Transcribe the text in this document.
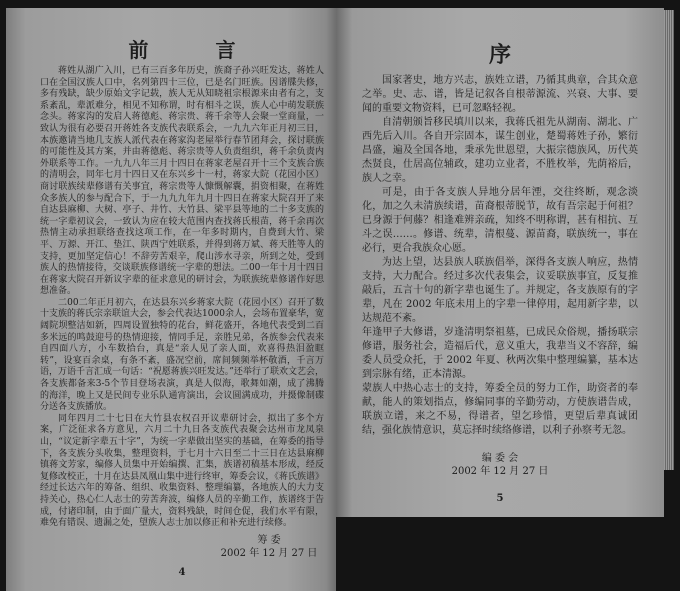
前 言

蒋姓从湖广入川，已有三百多年历史，族裔子孙兴旺发达，蒋姓人口在全国汉族人口中，名列第四十三位，已是名门旺族。因谱牒失修，多有残缺，缺少原始文字记载，族人无从知晓祖宗根源来由者有之，支系紊乱，辈派难分，相见不知称谓，时有相斗之误，族人心中萌发联族念头。蒋家沟的发启人蒋德彪、蒋宗贵、蒋千余等人会聚一堂商量，一致认为很有必要召开蒋姓各支族代表联系会，一九九六年正月初三日，本族邀请当地几支族人派代表在蒋家沟老屋举行春节团拜会，探讨联族的可能性及其方案，并由蒋德彪、蒋宗贵等人负责组织，蒋千余负责内外联系等工作。一九九八年三月十四日在蒋家老屋召开十三个支族合族的清明会，同年七月十四日又在东兴乡十一村，蒋家大院（花园小区）商讨联族续辈修谱有关事宜，蒋宗贵等人慷慨解囊，捐资相聚，在蒋姓众多族人的参与配合下，于一九九九年九月十四日在蒋家大院召开了来自达县麻柳、大树、亭子、井竹、大竹县、梁平县等地的二十多支族的统一字辈初议会，一致认为应在较大范围内查找蒋氏根苗，蒋千余再次热情主动承担联络查找这项工作，在一年多时期内，自费到大竹、梁平、万源、开江、垫江、陕西宁姓联系，并得到蒋万斌、蒋天胜等人的支持，更加坚定信心！不辞劳苦艰辛，爬山涉水寻亲，所到之处，受到族人的热情接待，交谈联族修谱统一字辈的想法。二00一年十月十四日在蒋家大院召开新议字辈的征求意见的研讨会，为联族统辈修谱作好思想准备。

二00二年正月初六，在达县东兴乡蒋家大院（花园小区）召开了数十支族的蒋氏宗亲联谊大会，参会代表达1000余人，会场布置豪华，宽阔院坝整洁如新，四周设置独特的花台，鲜花盛开，各地代表受到二百多米远的鸣鼓迎号的热情迎接，情同手足，亲胜兄弟，各族参会代表来自四面八方，小车数拾台，真是“亲人见了亲人面，欢喜得热泪盈眶转”，设宴百余桌，有条不紊，盛况空前，席间频频举杯敬酒，千言万语，万语千言汇成一句话：“祝愿蒋族兴旺发达。”还举行了联欢文艺会，各支族都备来3-5个节目登场表演，真是人似海，歌舞如潮，成了沸腾的海洋，晚上又是民间专业乐队通宵演出，会议圆满成功，并摄像制碟分送各支族播放。

同年四月二十七日在大竹县农权召开议辈研讨会，拟出了多个方案，广泛征求各方意见，六月二十九日各支族代表聚会达州市龙凤泉山，“议定新字辈五十字”，为统一字辈做出坚实的基础，在筹委的指导下，各支族分头收集，整理资料，于七月十六日至二十三日在达县麻柳镇蒋文芳家，编修人员集中开始编撰、汇集，族谱初稿基本形成，经反复修改校正，十月在达县凤凰山集中进行终审，筹委会议，《蒋氏族谱》经过长达六年的筹备、组织、收集资料、整理编纂，各地族人的大力支持关心，热心仁人志士的劳苦奔波，编修人员的辛勤工作，族谱终于告成，付诸印制，由于面广量大，资料残缺，时间仓促，我们水平有限，难免有错误、遗漏之处，望族人志士加以修正和补充进行续修。

筹 委
2002 年 12 月 27 日
4
序

国家著史，地方兴志，族姓立谱，乃循其典章，合其众意之举。史、志、谱，皆是记叙各自根蒂源流、兴衰、大事、要闻的重要文物资料，已可忽略轻视。

自清朝颁旨移民填川以来，我蒋氏祖先从湖南、湖北、广西先后入川。各自开宗固本，谋生创业，楚蜀蒋姓子孙，繁衍昌盛，遍及全国各地，秉承先世恩望，大振宗德族风，历代英杰贤良，仕居高位辅政，建功立业者，不胜枚举，先荫裕后，族人之幸。

可是，由于各支族人异地分居年湮，交往终断，观念淡化，加之久未清族续谱，苗裔根蒂脱节，故有吾宗起于何祖？已身源于何藤？相逢难辨亲疏，知终不明称谓，甚有相抗、互斗之误……。修谱、统辈，清根蔓、源苗裔，联族统一，事在必行，更合我族众心愿。

为达上望，达县族人联族倡举，深得各支族人响应，热情支持，大力配合。经过多次代表集会，议妥联族事宜，反复推敲后，五言十句的新字辈也诞生了。并规定，各支族原有的字辈，凡在 2002 年底未用上的字辈一律停用，起用新字辈，以达规范不紊。

年逢甲子大修谱，岁逢清明祭祖墓，已成民众俗规，播扬联宗修谱，服务社会，造福后代，意义重大，我辈当义不容辞，编委人员受众托，于 2002 年夏、秋两次集中整理编纂，基本达到宗脉有绪，正本清源。

蒙族人中热心志士的支持，筹委全员的努力工作，助资者的奉献，能人的策划指点，修编同事的辛勤劳动，方使族谱告成，联族立谱，来之不易，得谱者，望乞珍惜，更望后辈真诚团结，强化族情意识，莫忘择时续络修谱，以利子孙察考无忽。

编 委 会
2002 年 12 月 27 日
5
